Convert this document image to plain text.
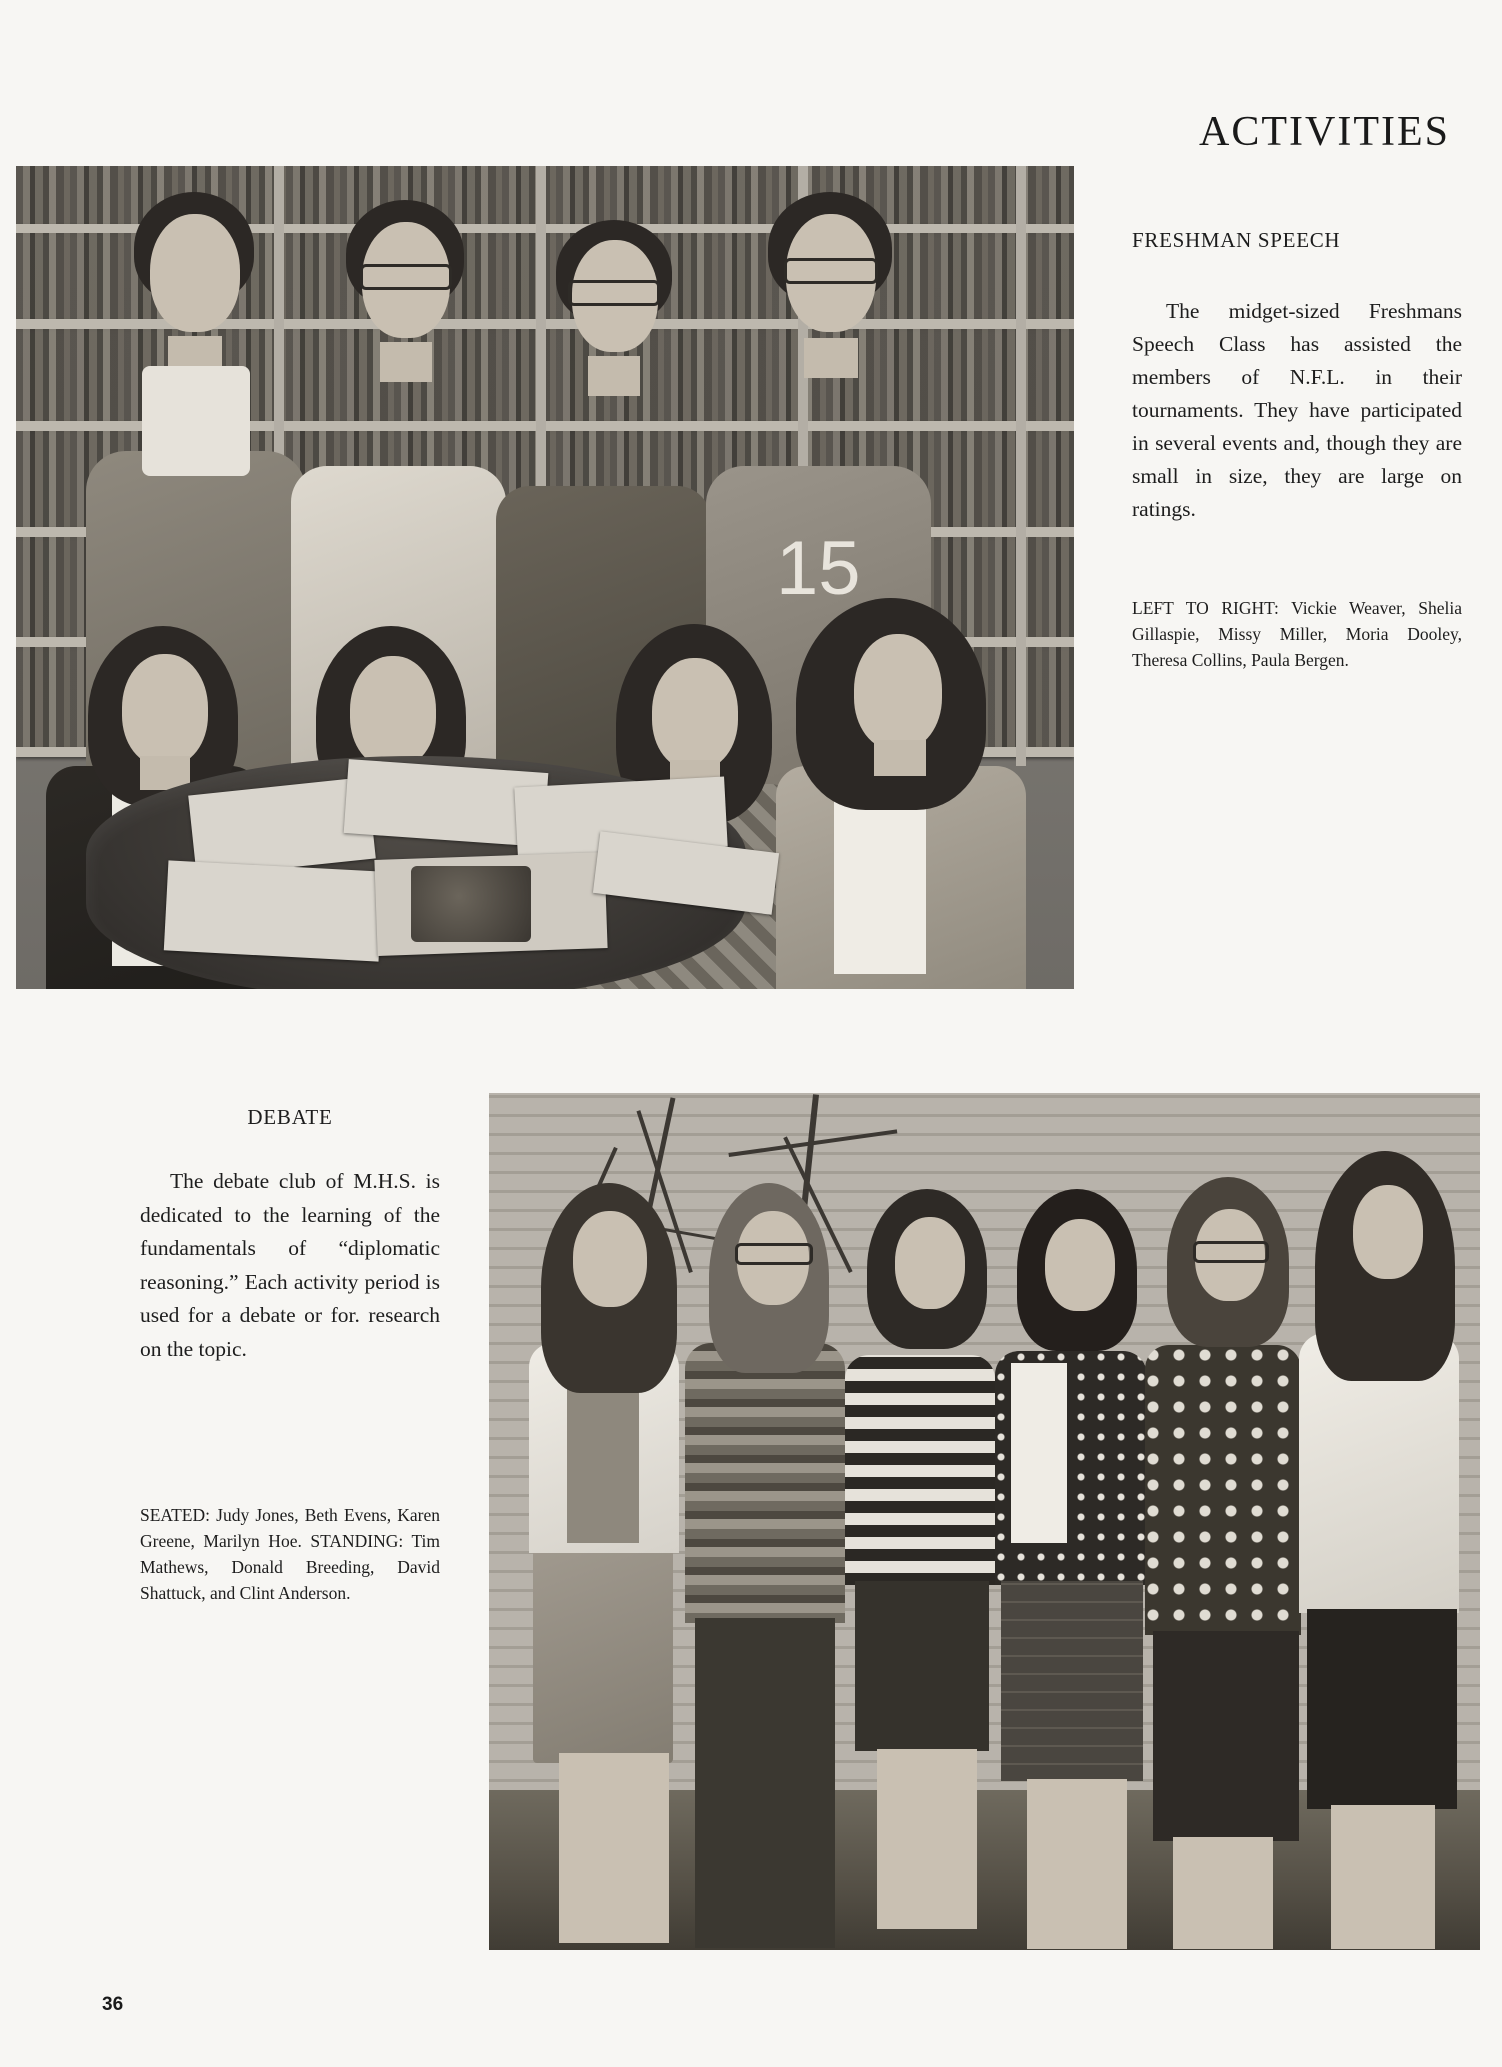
15
ACTIVITIES
FRESHMAN SPEECH
The midget-sized Freshmans Speech Class has assisted the members of N.F.L. in their tournaments. They have participated in several events and, though they are small in size, they are large on ratings.
LEFT TO RIGHT: Vickie Weaver, Shelia Gillaspie, Missy Miller, Moria Dooley, Theresa Collins, Paula Bergen.
DEBATE
The debate club of M.H.S. is dedicated to the learning of the fundamentals of “diplomatic reasoning.” Each activity period is used for a debate or for. research on the topic.
SEATED: Judy Jones, Beth Evens, Karen Greene, Marilyn Hoe. STANDING: Tim Mathews, Donald Breeding, David Shattuck, and Clint Anderson.
36
